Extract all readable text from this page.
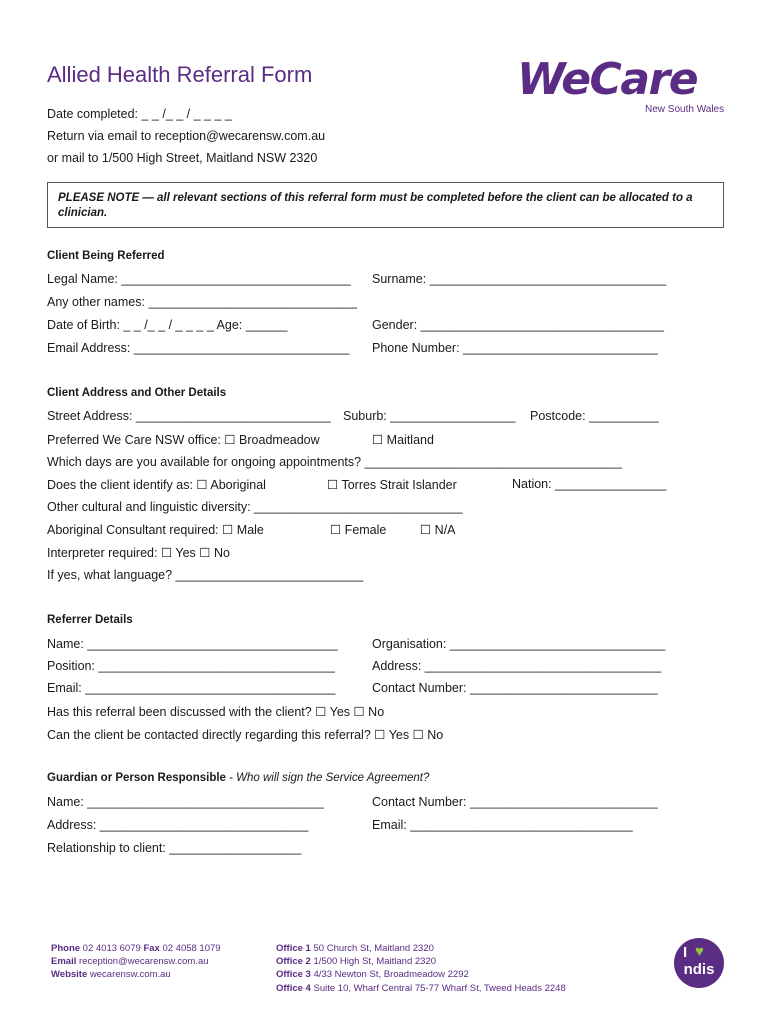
Allied Health Referral Form	WeCare
New South Wales
Date completed: _ _ /_ _ / _ _ _ _
Return via email to reception@wecarensw.com.au
or mail to 1/500 High Street, Maitland NSW 2320
PLEASE NOTE — all relevant sections of this referral form must be completed before the client can be allocated to a clinician.
Client Being Referred
Legal Name: _________________________________ Surname: __________________________________
Any other names: ______________________________
Date of Birth: _ _ /_ _ / _ _ _ _ Age: ______	Gender: ___________________________________
Email Address: _______________________________ Phone Number: ____________________________
Client Address and Other Details
Street Address: ____________________________ Suburb: __________________ Postcode: __________
Preferred We Care NSW office: ☐ Broadmeadow	☐ Maitland
Which days are you available for ongoing appointments? _____________________________________
Does the client identify as: ☐ Aboriginal	☐ Torres Strait Islander	Nation: ________________
Other cultural and linguistic diversity: ______________________________
Aboriginal Consultant required: ☐ Male	☐ Female	☐ N/A
Interpreter required: ☐ Yes ☐ No
If yes, what language? ___________________________
Referrer Details
Name: ____________________________________	Organisation: _______________________________
Position: __________________________________	Address: __________________________________
Email: ____________________________________	Contact Number: ___________________________
Has this referral been discussed with the client? ☐ Yes ☐ No
Can the client be contacted directly regarding this referral? ☐ Yes ☐ No
Guardian or Person Responsible - Who will sign the Service Agreement?
Name: __________________________________	Contact Number: ___________________________
Address: ______________________________	Email: ________________________________
Relationship to client: ___________________
Phone 02 4013 6079 Fax 02 4058 1079
Email reception@wecarensw.com.au
Website wecarensw.com.au
Office 1 50 Church St, Maitland 2320
Office 2 1/500 High St, Maitland 2320
Office 3 4/33 Newton St, Broadmeadow 2292
Office 4 Suite 10, Wharf Central 75-77 Wharf St, Tweed Heads 2248
I ♥
ndis
